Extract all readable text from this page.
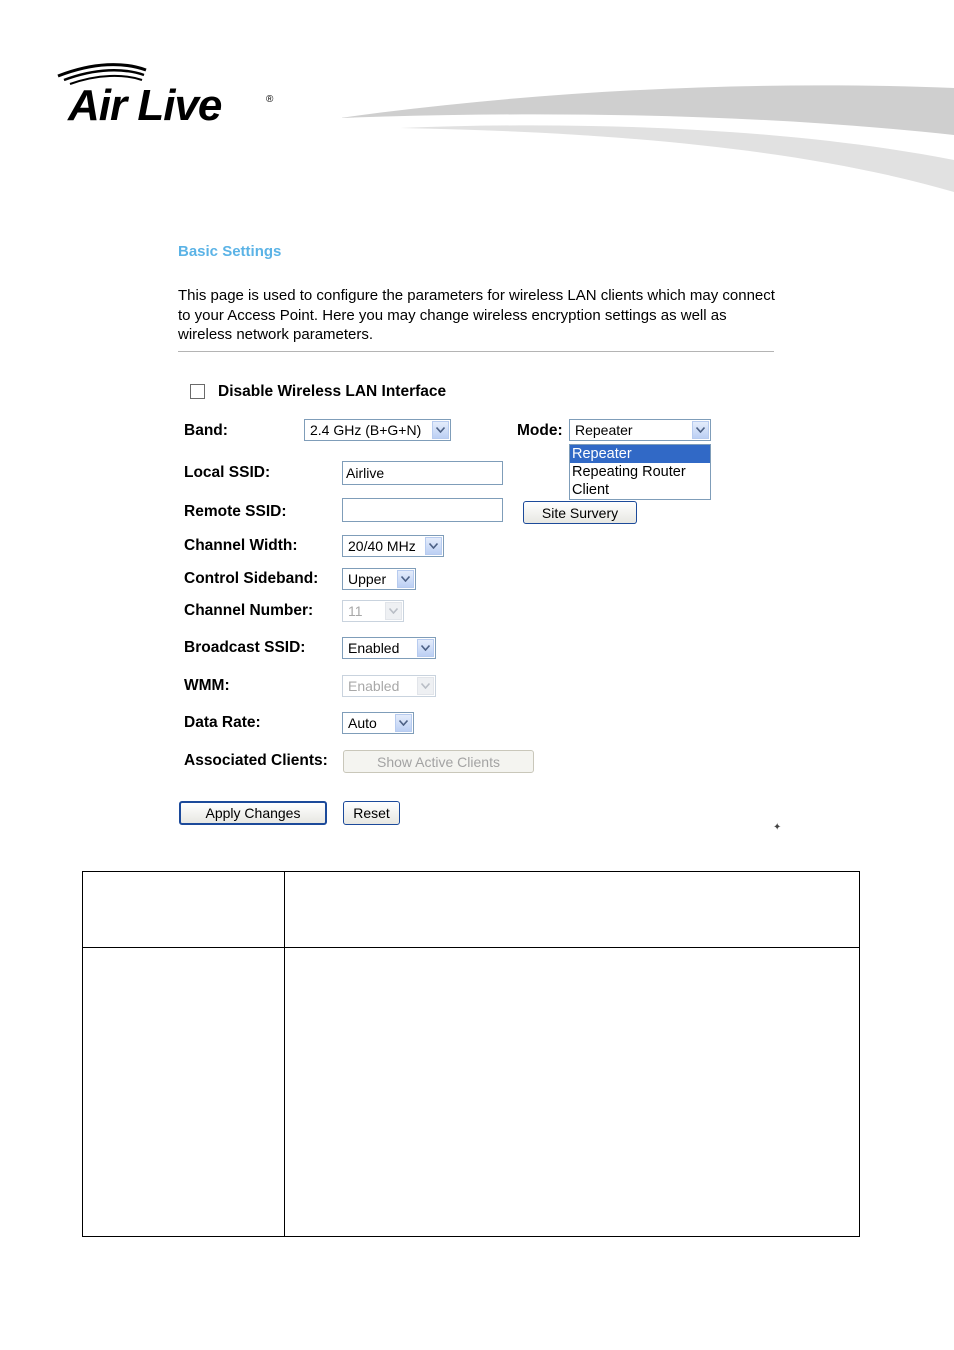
Air Live	®
Basic Settings
This page is used to configure the parameters for wireless LAN clients which may connect to your Access Point. Here you may change wireless encryption settings as well as wireless network parameters.
Disable Wireless LAN Interface
Band:	2.4 GHz (B+G+N)	Mode: Repeater
Repeater
Repeating Router
Client
Local SSID:	Airlive
Remote SSID:	Site Survery
Channel Width:	20/40 MHz
Control Sideband: Upper
Channel Number: 11
Broadcast SSID:	Enabled
WMM:	Enabled
Data Rate:	Auto
Associated Clients:	Show Active Clients
Apply Changes	Reset
✦
